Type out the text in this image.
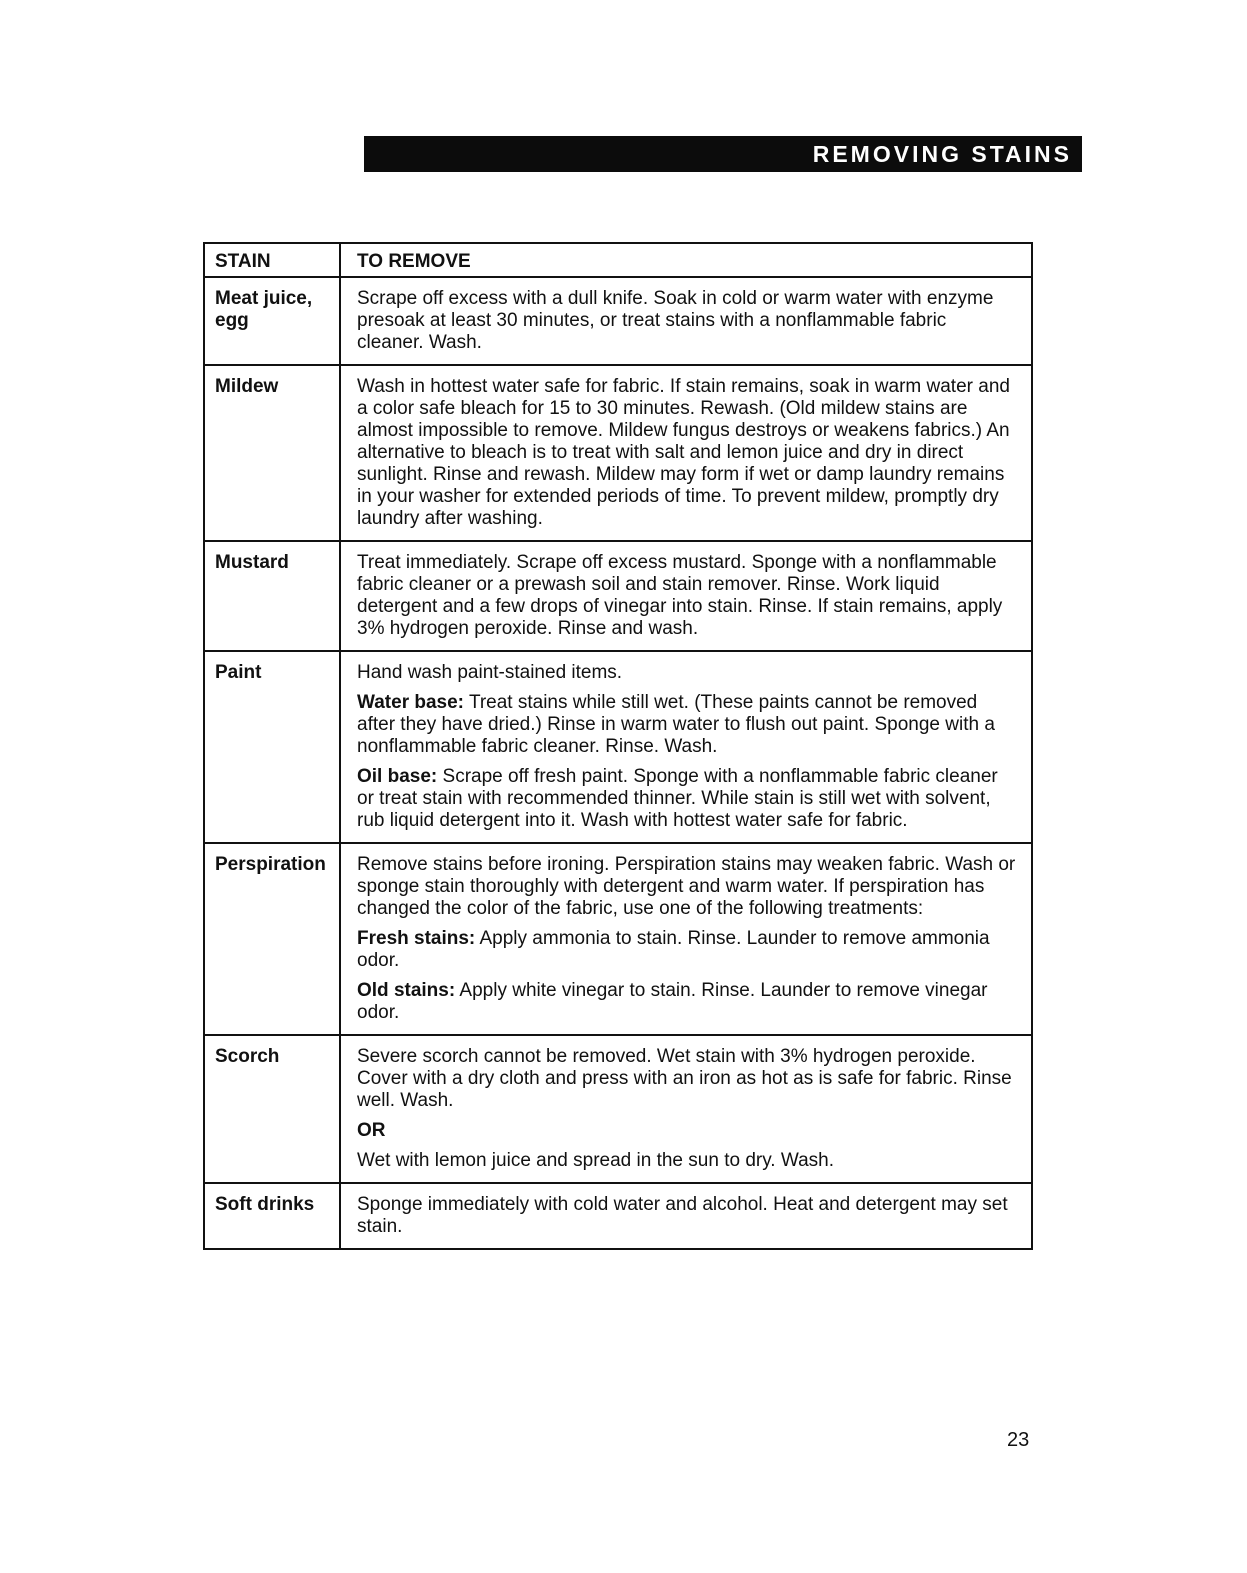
REMOVING STAINS
STAIN	TO REMOVE
Meat juice,
egg	Scrape off excess with a dull knife. Soak in cold or warm water with enzyme presoak at least 30 minutes, or treat stains with a nonflammable fabric cleaner. Wash.

Mildew	Wash in hottest water safe for fabric. If stain remains, soak in warm water and a color safe bleach for 15 to 30 minutes. Rewash. (Old mildew stains are almost impossible to remove. Mildew fungus destroys or weakens fabrics.) An alternative to bleach is to treat with salt and lemon juice and dry in direct sunlight. Rinse and rewash. Mildew may form if wet or damp laundry remains in your washer for extended periods of time. To prevent mildew, promptly dry laundry after washing.

Mustard	Treat immediately. Scrape off excess mustard. Sponge with a nonflammable fabric cleaner or a prewash soil and stain remover. Rinse. Work liquid detergent and a few drops of vinegar into stain. Rinse. If stain remains, apply 3% hydrogen peroxide. Rinse and wash.

Paint	Hand wash paint-stained items.

Water base: Treat stains while still wet. (These paints cannot be removed after they have dried.) Rinse in warm water to flush out paint. Sponge with a nonflammable fabric cleaner. Rinse. Wash.

Oil base: Scrape off fresh paint. Sponge with a nonflammable fabric cleaner or treat stain with recommended thinner. While stain is still wet with solvent, rub liquid detergent into it. Wash with hottest water safe for fabric.

Perspiration	Remove stains before ironing. Perspiration stains may weaken fabric. Wash or sponge stain thoroughly with detergent and warm water. If perspiration has changed the color of the fabric, use one of the following treatments:

Fresh stains: Apply ammonia to stain. Rinse. Launder to remove ammonia odor.

Old stains: Apply white vinegar to stain. Rinse. Launder to remove vinegar odor.

Scorch	Severe scorch cannot be removed. Wet stain with 3% hydrogen peroxide. Cover with a dry cloth and press with an iron as hot as is safe for fabric. Rinse well. Wash.

OR

Wet with lemon juice and spread in the sun to dry. Wash.

Soft drinks	Sponge immediately with cold water and alcohol. Heat and detergent may set stain.

23
